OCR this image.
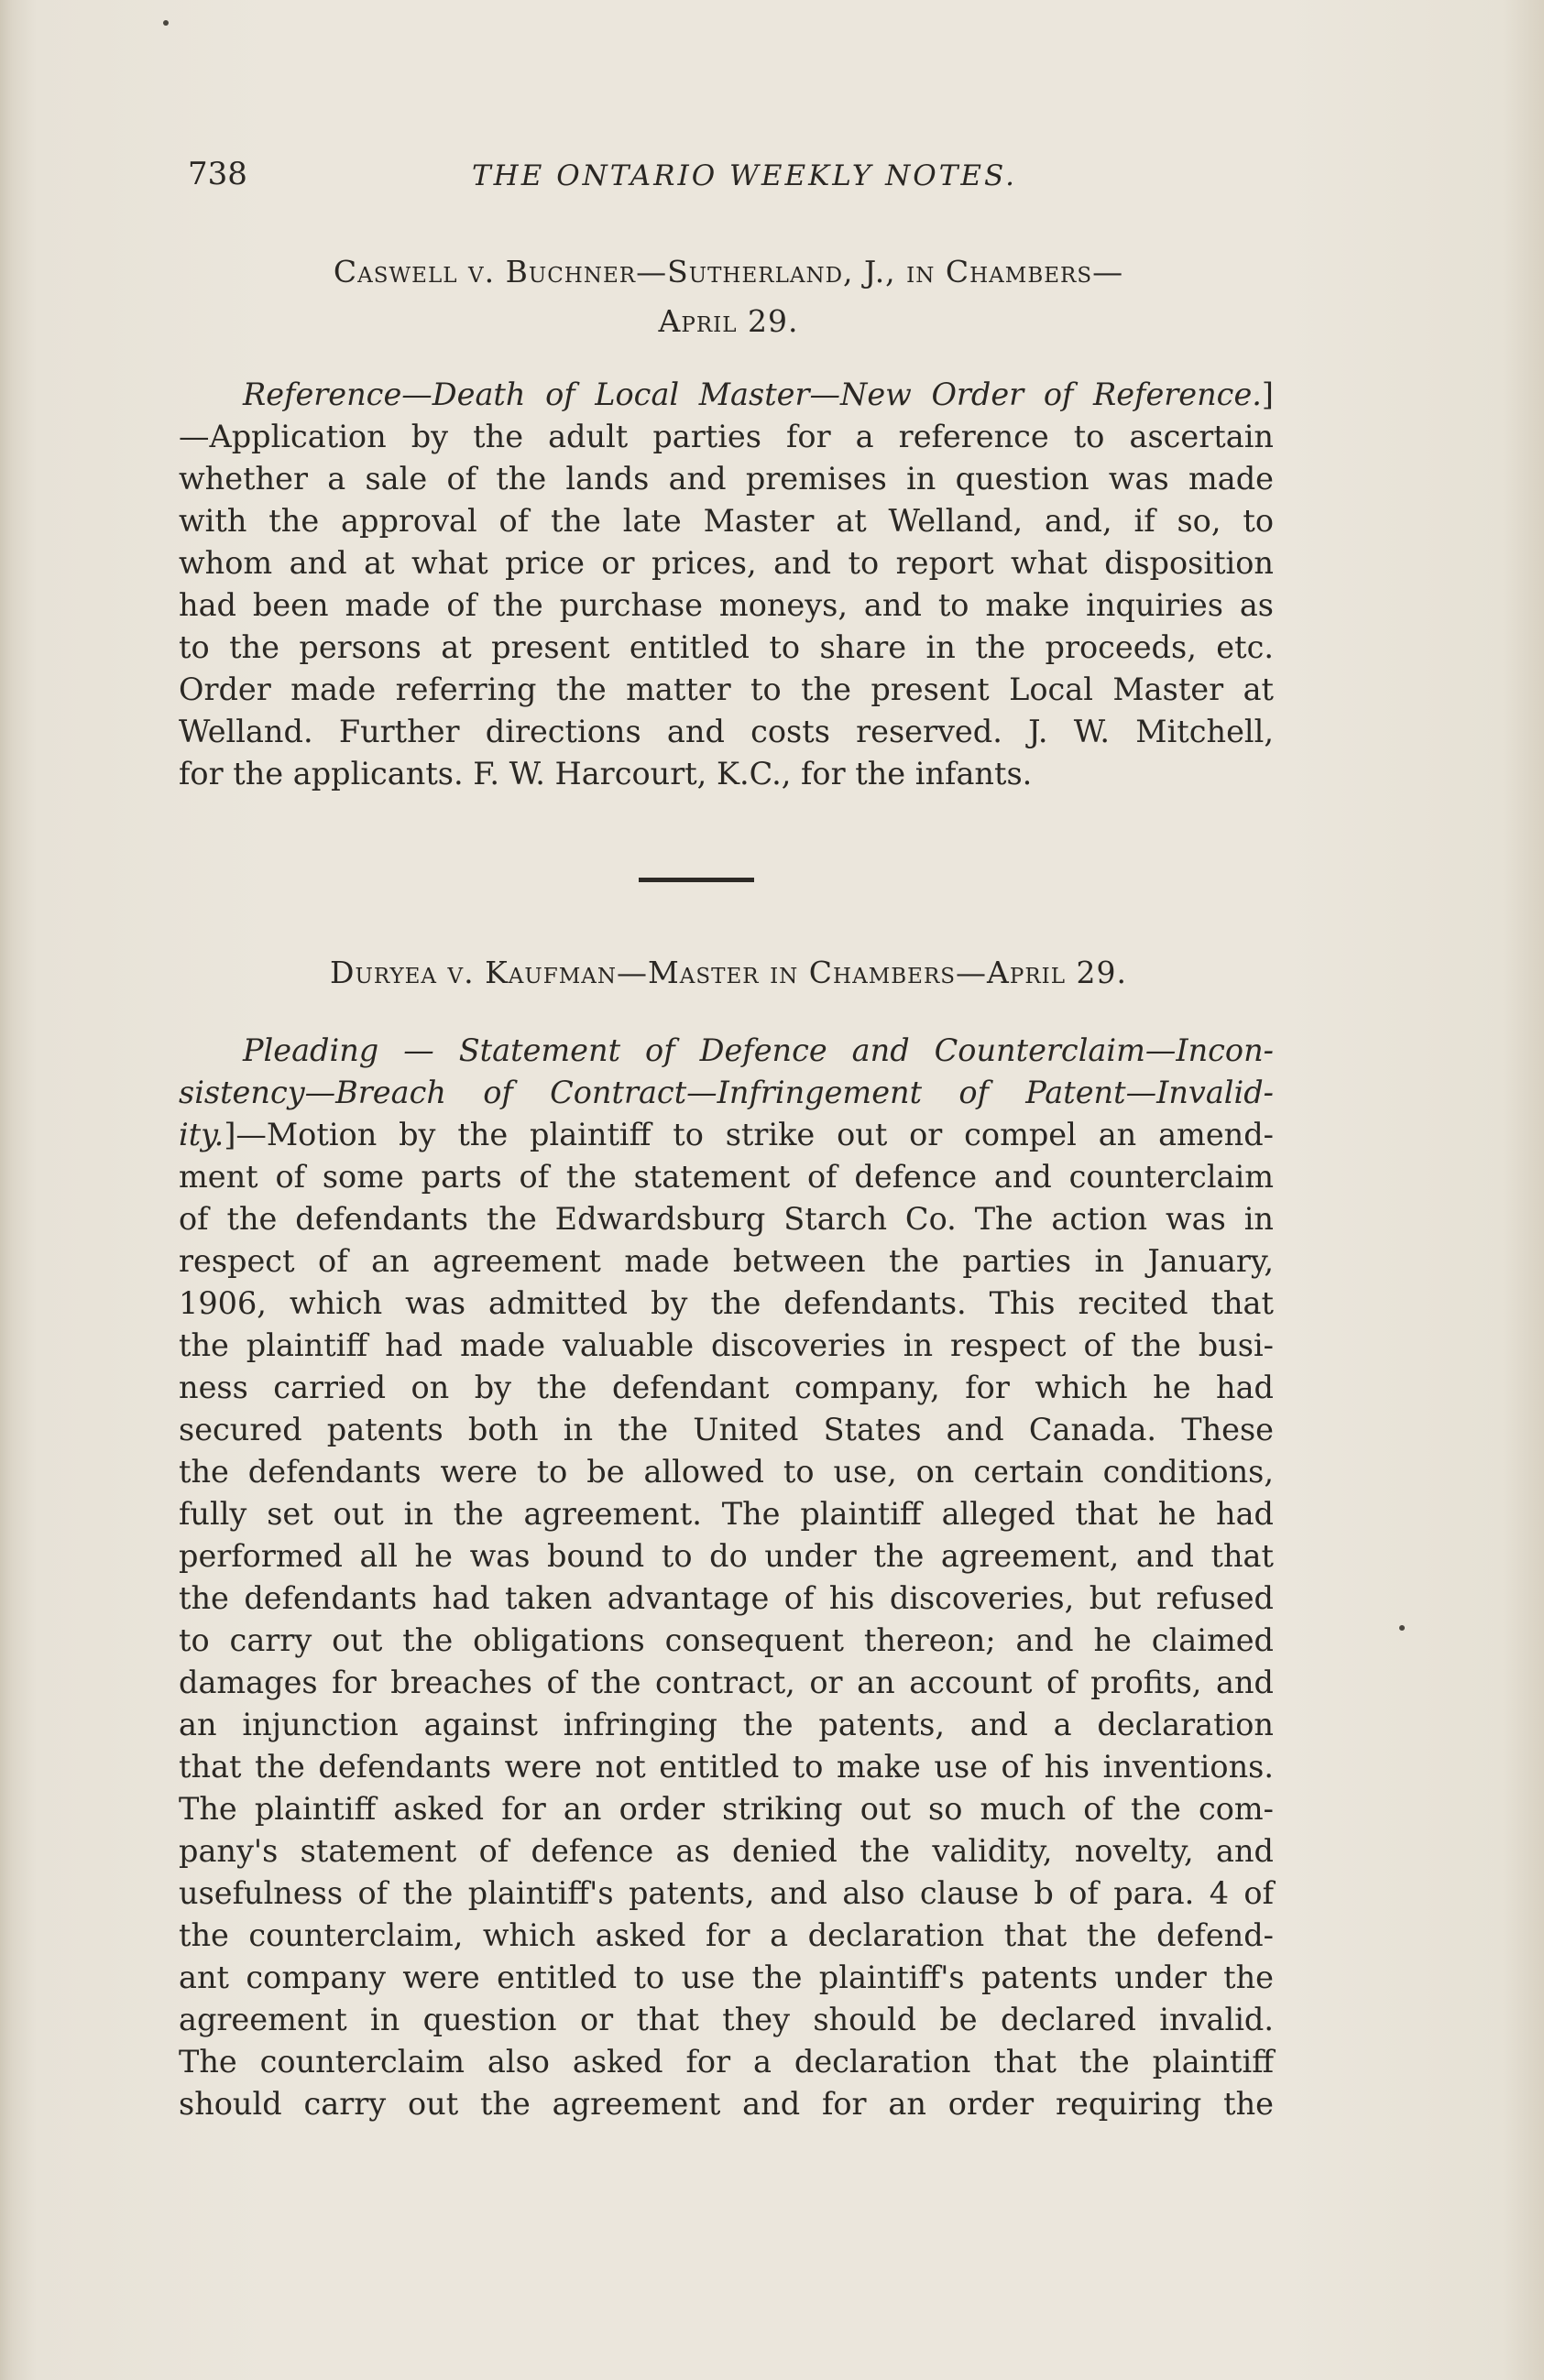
738	THE ONTARIO WEEKLY NOTES.
Caswell v. Buchner—Sutherland, J., in Chambers—
April 29.
Reference—Death of Local Master—New Order of Reference.]
—Application by the adult parties for a reference to ascertain
whether a sale of the lands and premises in question was made
with the approval of the late Master at Welland, and, if so, to
whom and at what price or prices, and to report what disposition
had been made of the purchase moneys, and to make inquiries as
to the persons at present entitled to share in the proceeds, etc.
Order made referring the matter to the present Local Master at
Welland. Further directions and costs reserved. J. W. Mitchell,
for the applicants. F. W. Harcourt, K.C., for the infants.
Duryea v. Kaufman—Master in Chambers—April 29.
Pleading — Statement of Defence and Counterclaim—Incon-
sistency—Breach of Contract—Infringement of Patent—Invalid-
ity.]—Motion by the plaintiff to strike out or compel an amend-
ment of some parts of the statement of defence and counterclaim
of the defendants the Edwardsburg Starch Co. The action was in
respect of an agreement made between the parties in January,
1906, which was admitted by the defendants. This recited that
the plaintiff had made valuable discoveries in respect of the busi-
ness carried on by the defendant company, for which he had
secured patents both in the United States and Canada. These
the defendants were to be allowed to use, on certain conditions,
fully set out in the agreement. The plaintiff alleged that he had
performed all he was bound to do under the agreement, and that
the defendants had taken advantage of his discoveries, but refused
to carry out the obligations consequent thereon; and he claimed
damages for breaches of the contract, or an account of profits, and
an injunction against infringing the patents, and a declaration
that the defendants were not entitled to make use of his inventions.
The plaintiff asked for an order striking out so much of the com-
pany's statement of defence as denied the validity, novelty, and
usefulness of the plaintiff's patents, and also clause b of para. 4 of
the counterclaim, which asked for a declaration that the defend-
ant company were entitled to use the plaintiff's patents under the
agreement in question or that they should be declared invalid.
The counterclaim also asked for a declaration that the plaintiff
should carry out the agreement and for an order requiring the
